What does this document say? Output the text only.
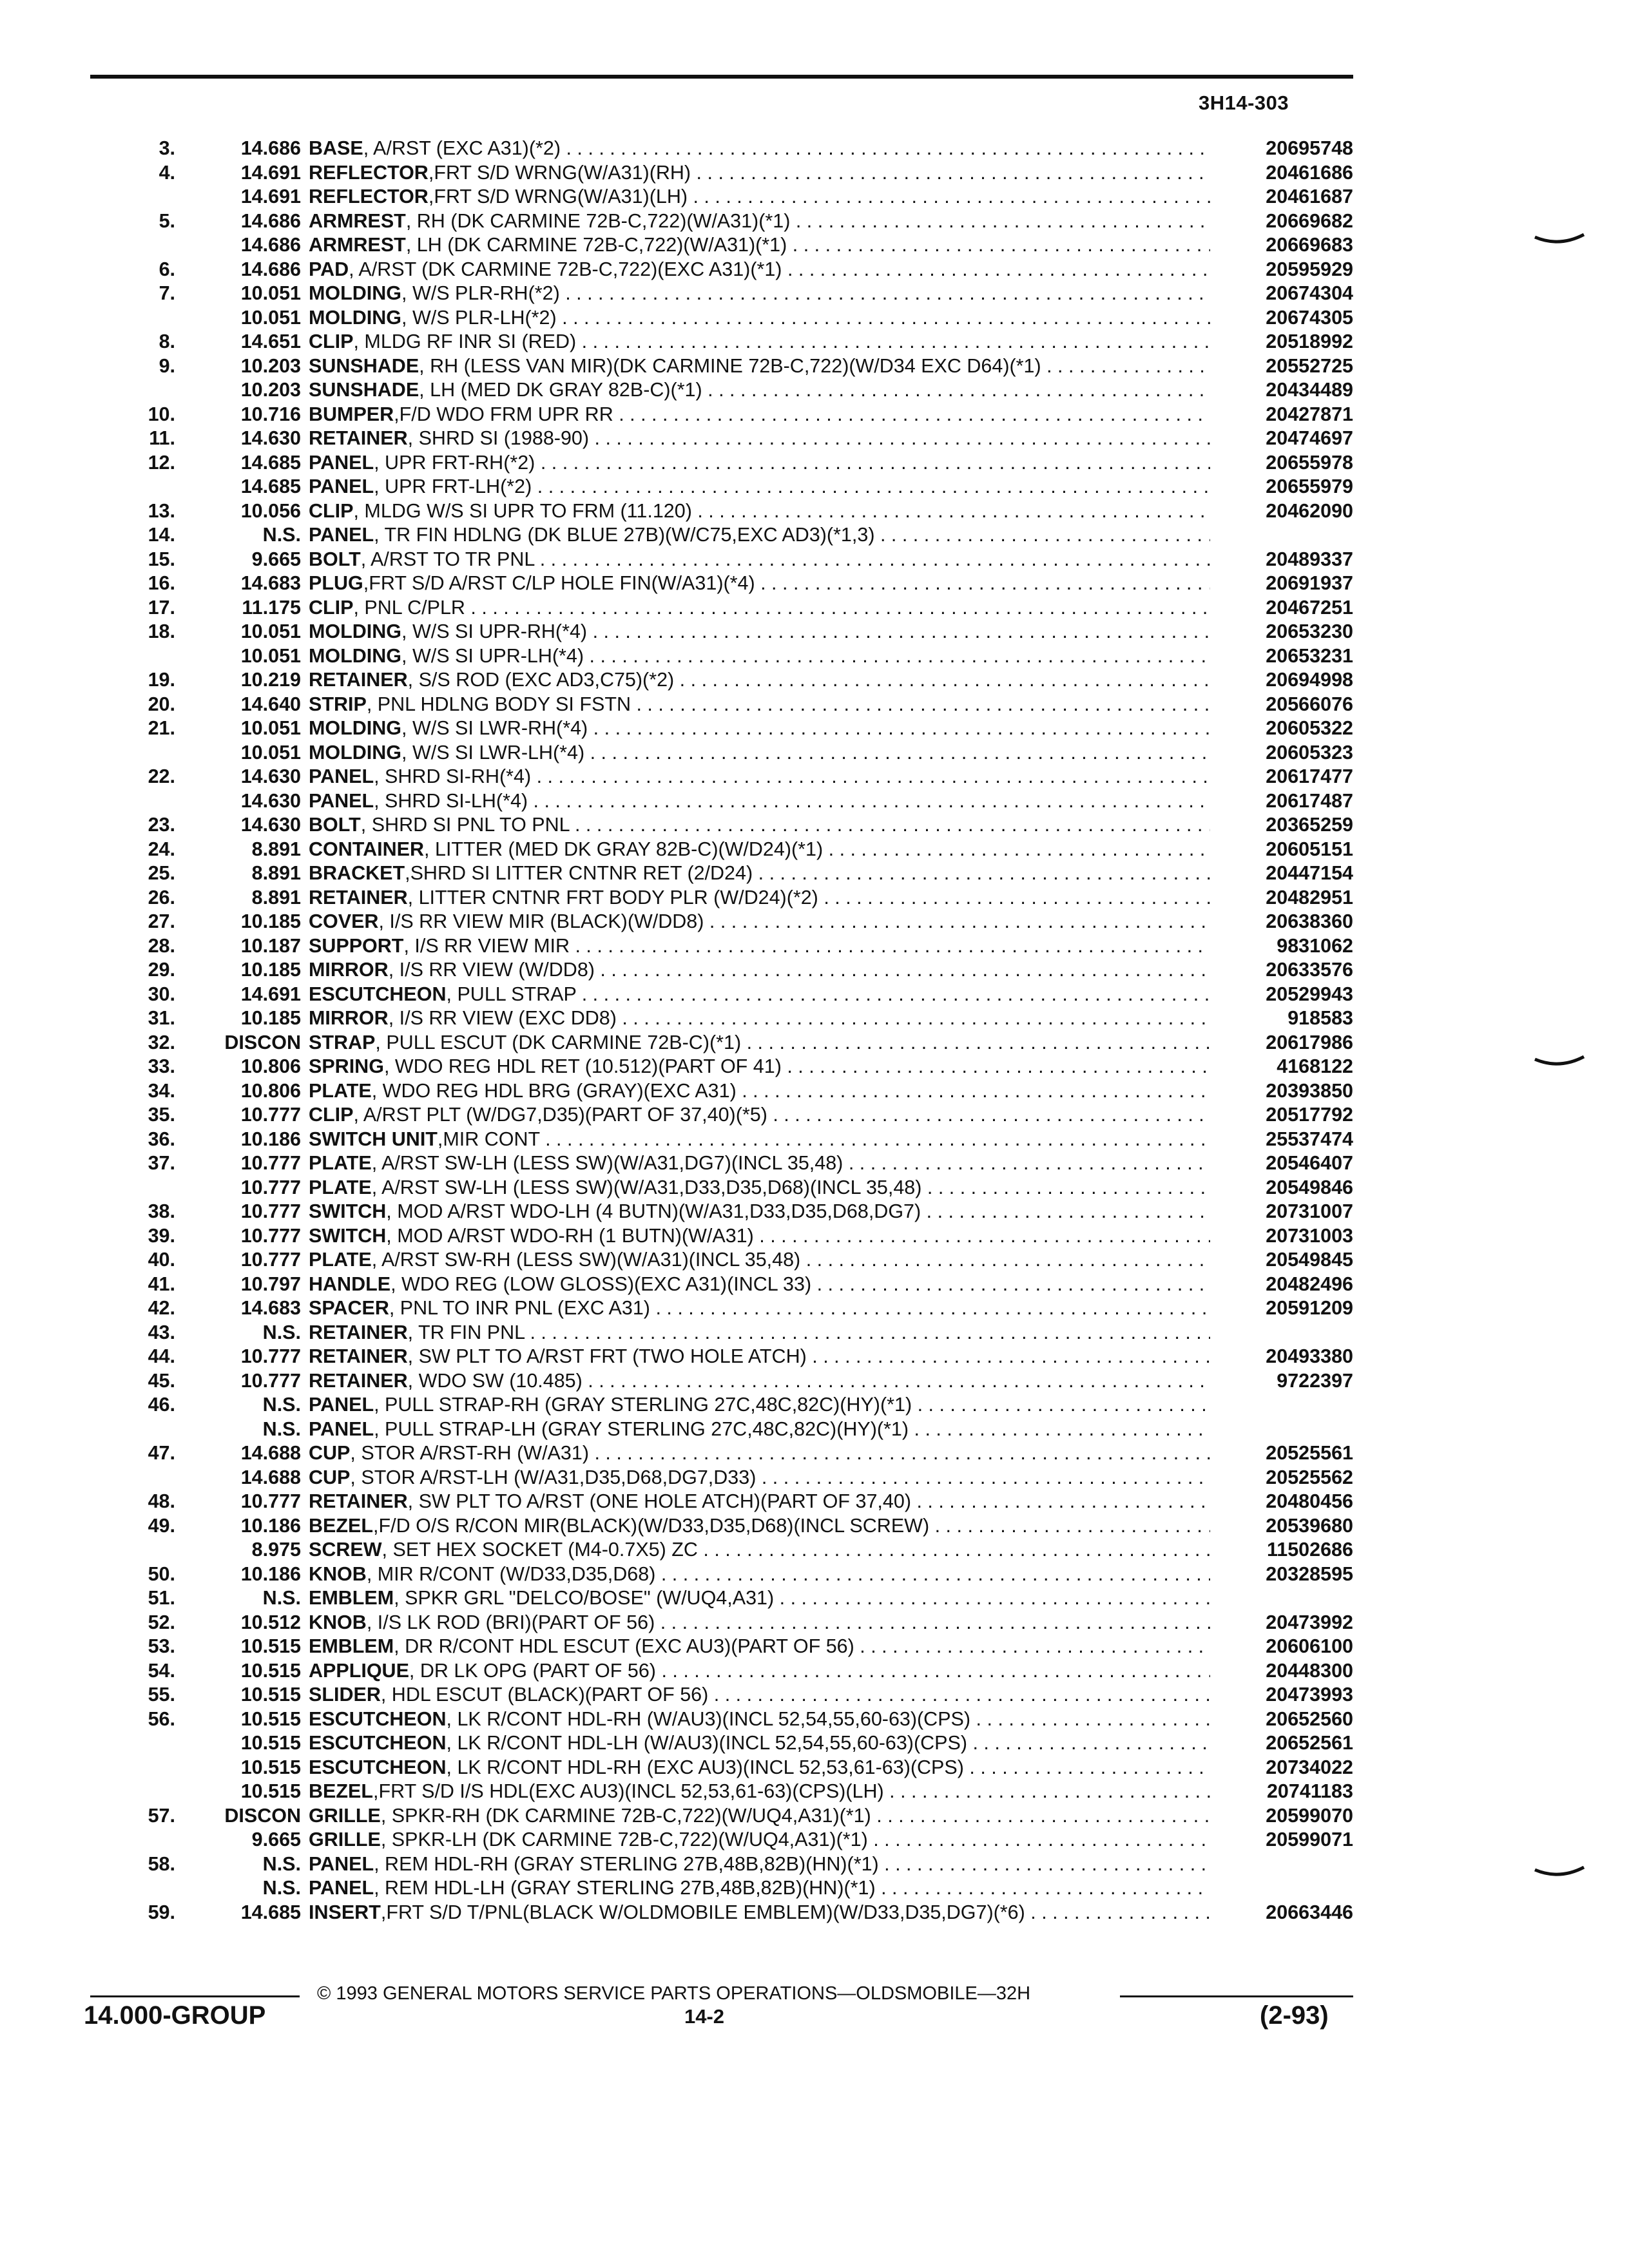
3H14-303
3.	14.686 BASE, A/RST (EXC A31)(*2) . . .	20695748
4.	14.691 REFLECTOR,FRT S/D WRNG(W/A31)(RH) . . .	20461686
14.691 REFLECTOR,FRT S/D WRNG(W/A31)(LH) . . .	20461687
5.	14.686 ARMREST, RH (DK CARMINE 72B-C,722)(W/A31)(*1) . . .	20669682
14.686 ARMREST, LH (DK CARMINE 72B-C,722)(W/A31)(*1) . . .	20669683
6.	14.686 PAD, A/RST (DK CARMINE 72B-C,722)(EXC A31)(*1) . . .	20595929
7.	10.051 MOLDING, W/S PLR-RH(*2) . . .	20674304
10.051 MOLDING, W/S PLR-LH(*2) . . .	20674305
8.	14.651 CLIP, MLDG RF INR SI (RED) . . .	20518992
9.	10.203 SUNSHADE, RH (LESS VAN MIR)(DK CARMINE 72B-C,722)(W/D34 EXC D64)(*1) . . .	20552725
10.203 SUNSHADE, LH (MED DK GRAY 82B-C)(*1) . . .	20434489
10.	10.716 BUMPER,F/D WDO FRM UPR RR . . .	20427871
11.	14.630 RETAINER, SHRD SI (1988-90) . . .	20474697
12.	14.685 PANEL, UPR FRT-RH(*2) . . .	20655978
14.685 PANEL, UPR FRT-LH(*2) . . .	20655979
13.	10.056 CLIP, MLDG W/S SI UPR TO FRM (11.120) . . .	20462090
14.	N.S. PANEL, TR FIN HDLNG (DK BLUE 27B)(W/C75,EXC AD3)(*1,3) . . .
15.	9.665 BOLT, A/RST TO TR PNL . . .	20489337
16.	14.683 PLUG,FRT S/D A/RST C/LP HOLE FIN(W/A31)(*4) . . .	20691937
17.	11.175 CLIP, PNL C/PLR . . .	20467251
18.	10.051 MOLDING, W/S SI UPR-RH(*4) . . .	20653230
10.051 MOLDING, W/S SI UPR-LH(*4) . . .	20653231
19.	10.219 RETAINER, S/S ROD (EXC AD3,C75)(*2) . . .	20694998
20.	14.640 STRIP, PNL HDLNG BODY SI FSTN . . .	20566076
21.	10.051 MOLDING, W/S SI LWR-RH(*4) . . .	20605322
10.051 MOLDING, W/S SI LWR-LH(*4) . . .	20605323
22.	14.630 PANEL, SHRD SI-RH(*4) . . .	20617477
14.630 PANEL, SHRD SI-LH(*4) . . .	20617487
23.	14.630 BOLT, SHRD SI PNL TO PNL . . .	20365259
24.	8.891 CONTAINER, LITTER (MED DK GRAY 82B-C)(W/D24)(*1) . . .	20605151
25.	8.891 BRACKET,SHRD SI LITTER CNTNR RET (2/D24) . . .	20447154
26.	8.891 RETAINER, LITTER CNTNR FRT BODY PLR (W/D24)(*2) . . .	20482951
27.	10.185 COVER, I/S RR VIEW MIR (BLACK)(W/DD8) . . .	20638360
28.	10.187 SUPPORT, I/S RR VIEW MIR . . .	9831062
29.	10.185 MIRROR, I/S RR VIEW (W/DD8) . . .	20633576
30.	14.691 ESCUTCHEON, PULL STRAP . . .	20529943
31.	10.185 MIRROR, I/S RR VIEW (EXC DD8) . . .	918583
32.	DISCON STRAP, PULL ESCUT (DK CARMINE 72B-C)(*1) . . .	20617986
33.	10.806 SPRING, WDO REG HDL RET (10.512)(PART OF 41) . . .	4168122
34.	10.806 PLATE, WDO REG HDL BRG (GRAY)(EXC A31) . . .	20393850
35.	10.777 CLIP, A/RST PLT (W/DG7,D35)(PART OF 37,40)(*5) . . .	20517792
36.	10.186 SWITCH UNIT,MIR CONT . . .	25537474
37.	10.777 PLATE, A/RST SW-LH (LESS SW)(W/A31,DG7)(INCL 35,48) . . .	20546407
10.777 PLATE, A/RST SW-LH (LESS SW)(W/A31,D33,D35,D68)(INCL 35,48) . . .	20549846
38.	10.777 SWITCH, MOD A/RST WDO-LH (4 BUTN)(W/A31,D33,D35,D68,DG7) . . .	20731007
39.	10.777 SWITCH, MOD A/RST WDO-RH (1 BUTN)(W/A31) . . .	20731003
40.	10.777 PLATE, A/RST SW-RH (LESS SW)(W/A31)(INCL 35,48) . . .	20549845
41.	10.797 HANDLE, WDO REG (LOW GLOSS)(EXC A31)(INCL 33) . . .	20482496
42.	14.683 SPACER, PNL TO INR PNL (EXC A31) . . .	20591209
43.	N.S. RETAINER, TR FIN PNL . . .
44.	10.777 RETAINER, SW PLT TO A/RST FRT (TWO HOLE ATCH) . . .	20493380
45.	10.777 RETAINER, WDO SW (10.485) . . .	9722397
46.	N.S. PANEL, PULL STRAP-RH (GRAY STERLING 27C,48C,82C)(HY)(*1) . . .
N.S. PANEL, PULL STRAP-LH (GRAY STERLING 27C,48C,82C)(HY)(*1) . . .
47.	14.688 CUP, STOR A/RST-RH (W/A31) . . .	20525561
14.688 CUP, STOR A/RST-LH (W/A31,D35,D68,DG7,D33) . . .	20525562
48.	10.777 RETAINER, SW PLT TO A/RST (ONE HOLE ATCH)(PART OF 37,40) . . .	20480456
49.	10.186 BEZEL,F/D O/S R/CON MIR(BLACK)(W/D33,D35,D68)(INCL SCREW) . . .	20539680
8.975 SCREW, SET HEX SOCKET (M4-0.7X5) ZC . . .	11502686
50.	10.186 KNOB, MIR R/CONT (W/D33,D35,D68) . . .	20328595
51.	N.S. EMBLEM, SPKR GRL "DELCO/BOSE" (W/UQ4,A31) . . .
52.	10.512 KNOB, I/S LK ROD (BRI)(PART OF 56) . . .	20473992
53.	10.515 EMBLEM, DR R/CONT HDL ESCUT (EXC AU3)(PART OF 56) . . .	20606100
54.	10.515 APPLIQUE, DR LK OPG (PART OF 56) . . .	20448300
55.	10.515 SLIDER, HDL ESCUT (BLACK)(PART OF 56) . . .	20473993
56.	10.515 ESCUTCHEON, LK R/CONT HDL-RH (W/AU3)(INCL 52,54,55,60-63)(CPS) . . .	20652560
10.515 ESCUTCHEON, LK R/CONT HDL-LH (W/AU3)(INCL 52,54,55,60-63)(CPS) . . .	20652561
10.515 ESCUTCHEON, LK R/CONT HDL-RH (EXC AU3)(INCL 52,53,61-63)(CPS) . . .	20734022
10.515 BEZEL,FRT S/D I/S HDL(EXC AU3)(INCL 52,53,61-63)(CPS)(LH) . . .	20741183
57.	DISCON GRILLE, SPKR-RH (DK CARMINE 72B-C,722)(W/UQ4,A31)(*1) . . .	20599070
9.665 GRILLE, SPKR-LH (DK CARMINE 72B-C,722)(W/UQ4,A31)(*1) . . .	20599071
58.	N.S. PANEL, REM HDL-RH (GRAY STERLING 27B,48B,82B)(HN)(*1) . . .
N.S. PANEL, REM HDL-LH (GRAY STERLING 27B,48B,82B)(HN)(*1) . . .
59.	14.685 INSERT,FRT S/D T/PNL(BLACK W/OLDMOBILE EMBLEM)(W/D33,D35,DG7)(*6) . . .	20663446
© 1993 GENERAL MOTORS SERVICE PARTS OPERATIONS—OLDSMOBILE—32H
14.000-GROUP	14-2	(2-93)
